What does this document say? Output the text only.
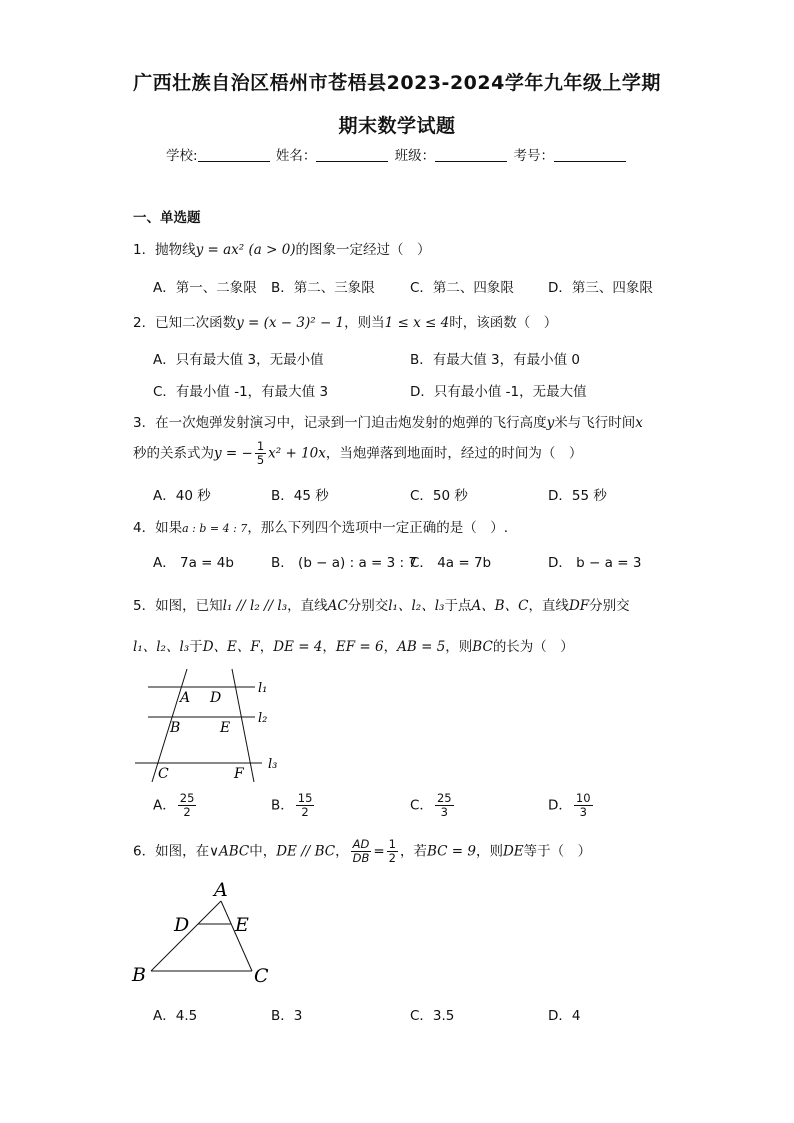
广西壮族自治区梧州市苍梧县2023-2024学年九年级上学期
期末数学试题
学校:	姓名：	班级：	考号：
一、单选题
1．抛物线y = ax² (a > 0)的图象一定经过（　）
A．第一、二象限 B．第二、三象限	C．第二、四象限	D．第三、四象限
2．已知二次函数y = (x − 3)² − 1，则当1 ≤ x ≤ 4时，该函数（　）
A．只有最大值 3，无最小值	B．有最大值 3，有最小值 0
C．有最小值 -1，有最大值 3	D．只有最小值 -1，无最大值
3．在一次炮弹发射演习中，记录到一门迫击炮发射的炮弹的飞行高度y米与飞行时间x
秒的关系式为y = − $\frac{1}{5} x^2 + 10x$，当炮弹落到地面时，经过的时间为（　）
A．40 秒	B．45 秒	C．50 秒	D．55 秒
4．如果a : b = 4 : 7，那么下列四个选项中一定正确的是（　）.
A． 7a = 4b	B． (b − a) : a = 3 : 7
C． 4a = 7b	D． b − a = 3
5．如图，已知l₁ // l₂ // l₃，直线AC分别交l₁、l₂、l₃于点A、B、C，直线DF分别交
l₁、l₂、l₃于D、E、F，DE = 4，EF = 6，AB = 5，则BC的长为（　）
A D
B	E
C	F
l₁
l₂
l₃
A． $\frac{25}{2}$	B． $\frac{15}{2}$	C． $\frac{25}{3}$	D． $\frac{10}{3}$
6．如图，在∨ABC中，DE // BC， $\frac{AD}{DB} = \frac{1}{2}$ ，若BC = 9，则DE等于（　）
A
D E
B	C
A．4.5	B．3	C．3.5	D．4
